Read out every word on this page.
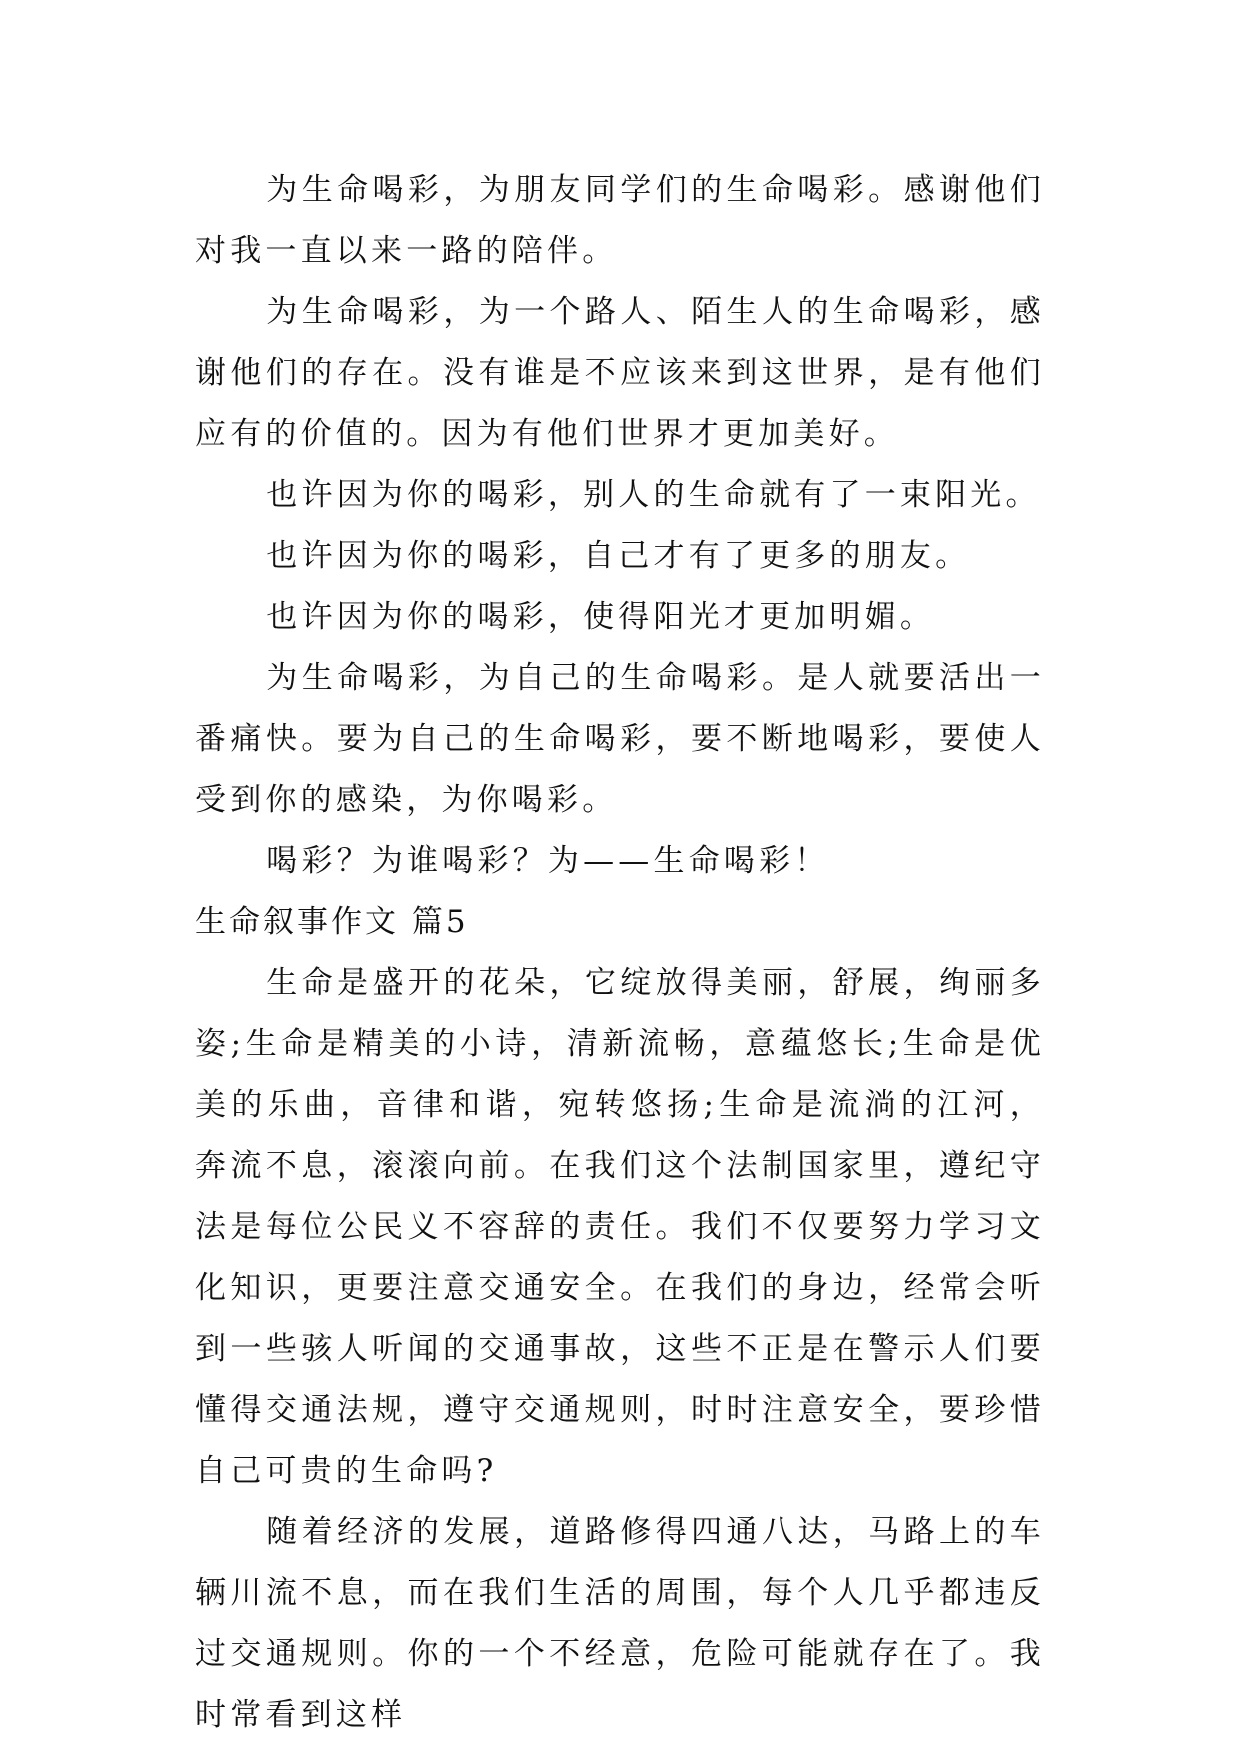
为生命喝彩，为朋友同学们的生命喝彩。感谢他们对我一直以来一路的陪伴。

为生命喝彩，为一个路人、陌生人的生命喝彩，感谢他们的存在。没有谁是不应该来到这世界，是有他们应有的价值的。因为有他们世界才更加美好。

也许因为你的喝彩，别人的生命就有了一束阳光。

也许因为你的喝彩，自己才有了更多的朋友。

也许因为你的喝彩，使得阳光才更加明媚。

为生命喝彩，为自己的生命喝彩。是人就要活出一番痛快。要为自己的生命喝彩，要不断地喝彩，要使人受到你的感染，为你喝彩。

喝彩？为谁喝彩？为——生命喝彩！

生命叙事作文 篇5

生命是盛开的花朵，它绽放得美丽，舒展，绚丽多姿;生命是精美的小诗，清新流畅，意蕴悠长;生命是优美的乐曲，音律和谐，宛转悠扬;生命是流淌的江河，奔流不息，滚滚向前。在我们这个法制国家里，遵纪守法是每位公民义不容辞的责任。我们不仅要努力学习文化知识，更要注意交通安全。在我们的身边，经常会听到一些骇人听闻的交通事故，这些不正是在警示人们要懂得交通法规，遵守交通规则，时时注意安全，要珍惜自己可贵的生命吗?

随着经济的发展，道路修得四通八达，马路上的车辆川流不息，而在我们生活的周围，每个人几乎都违反过交通规则。你的一个不经意，危险可能就存在了。我时常看到这样
